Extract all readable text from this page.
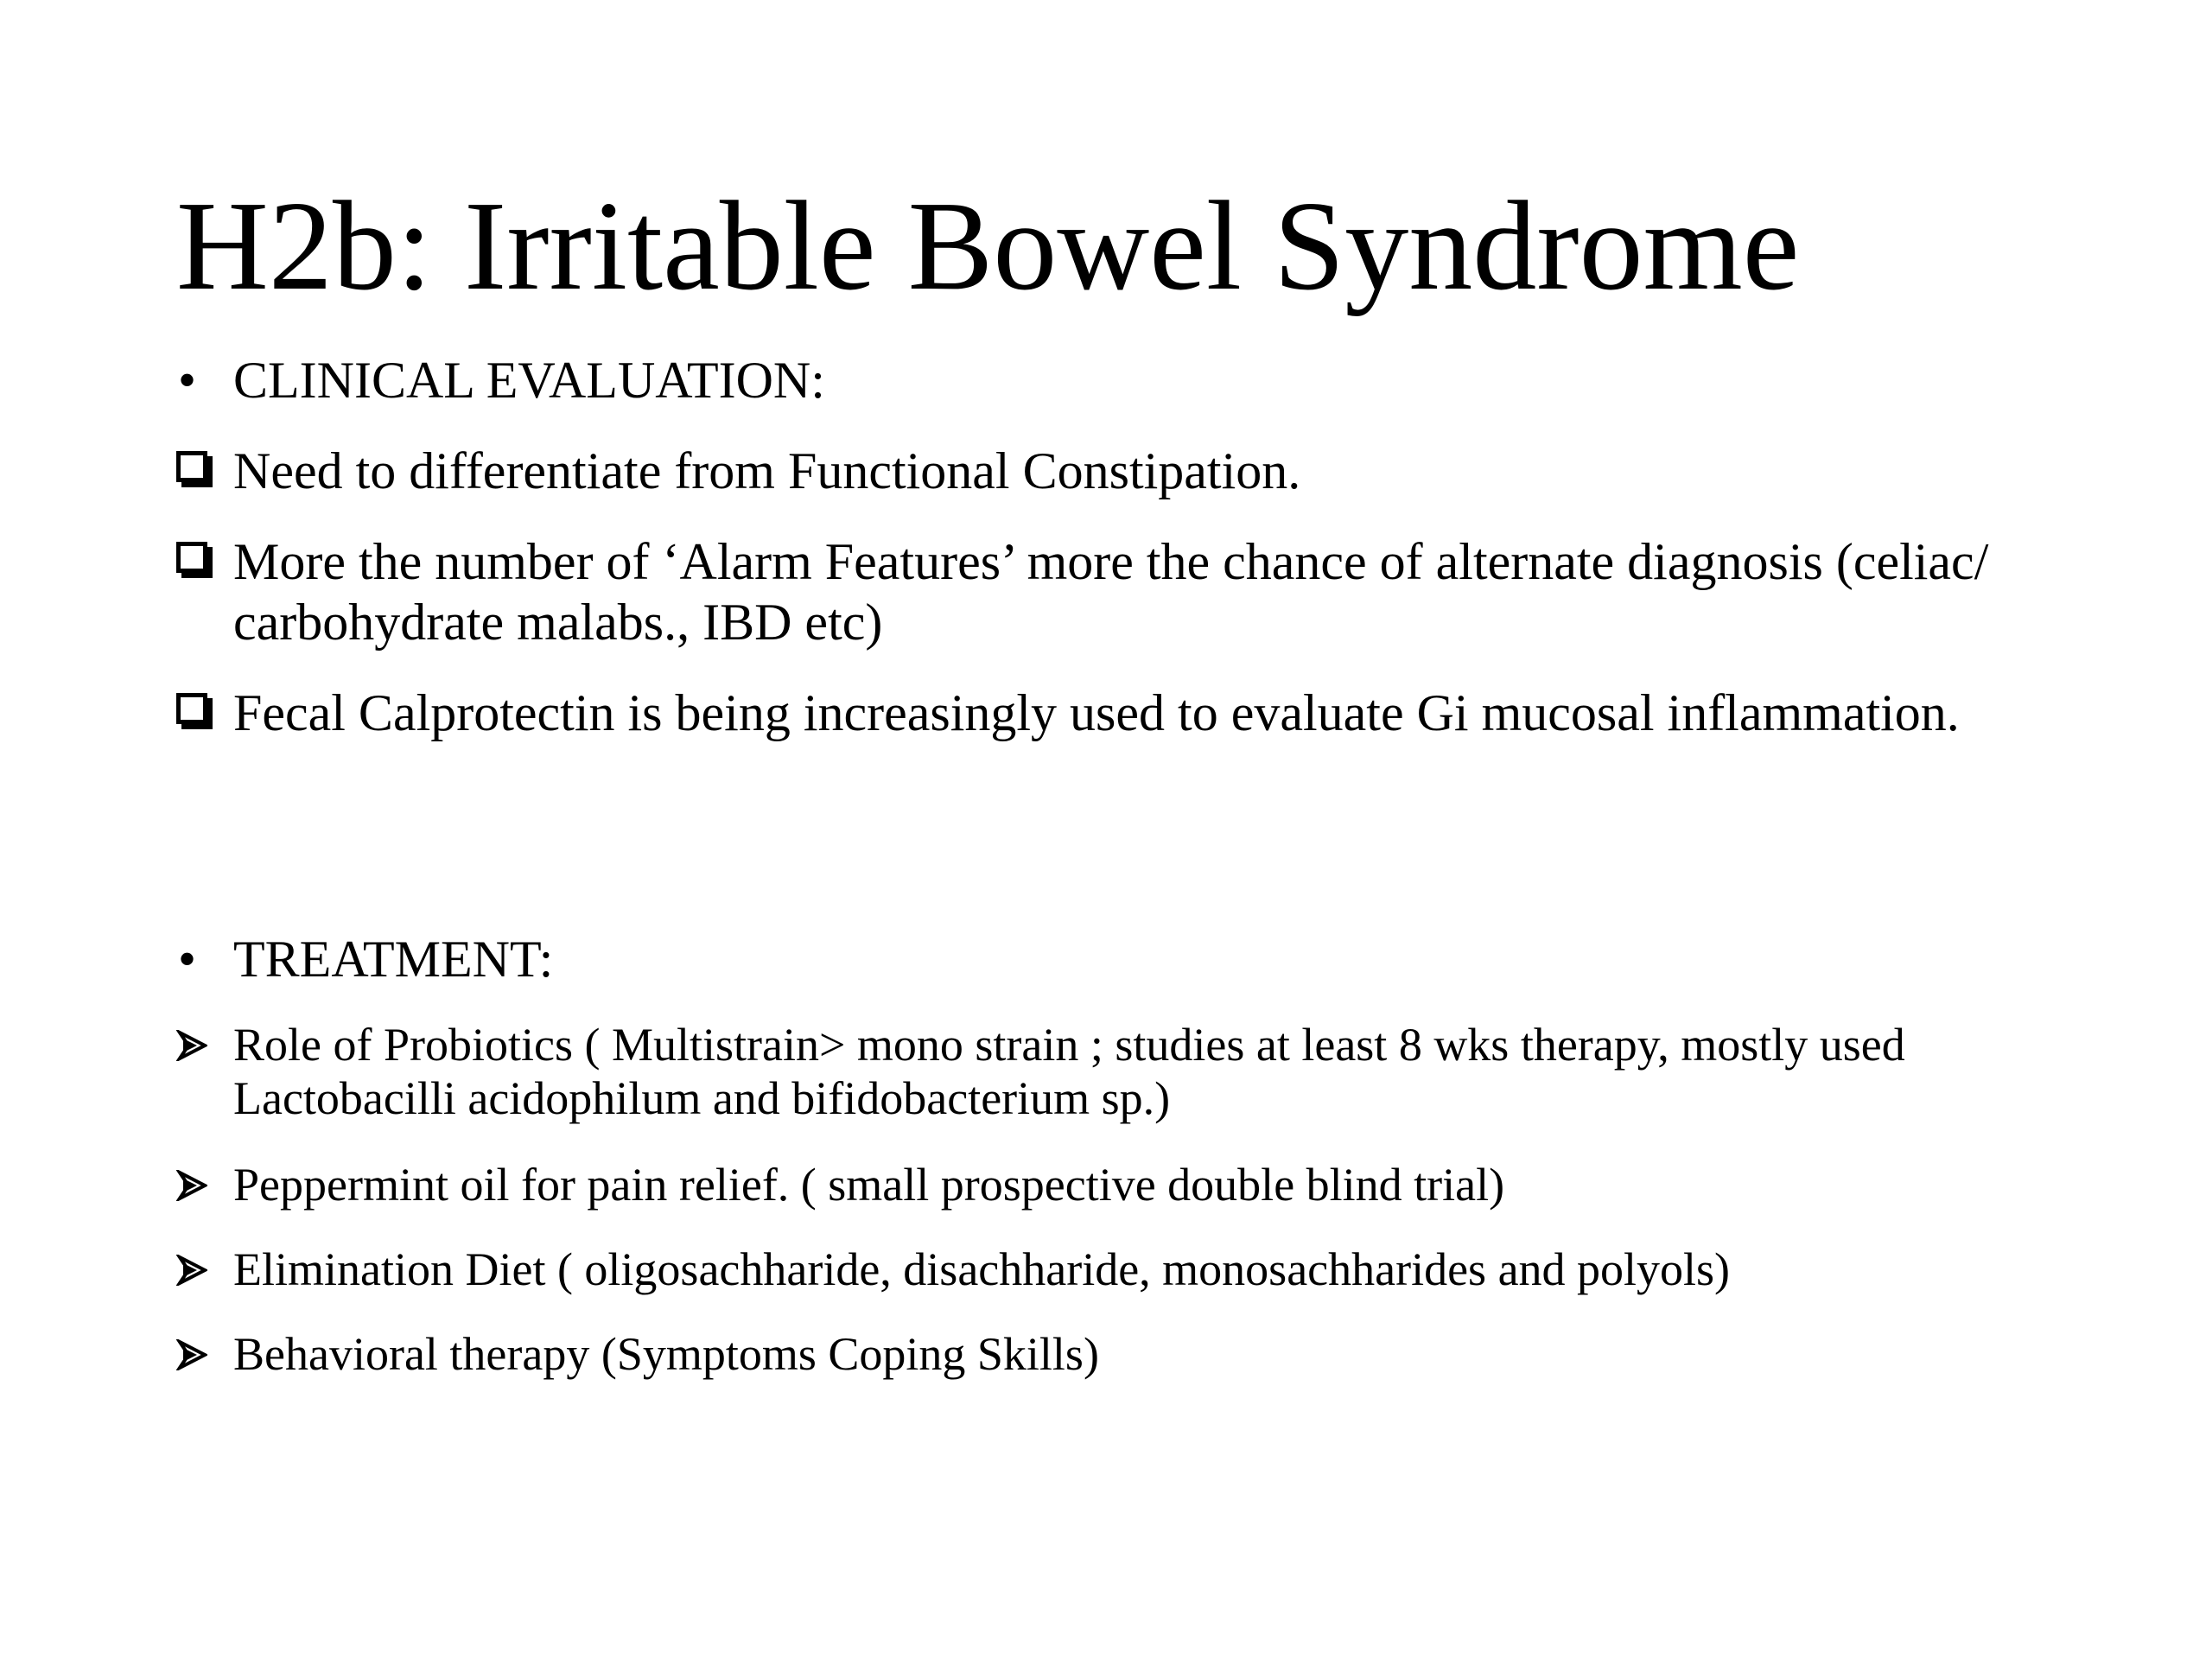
H2b: Irritable Bowel Syndrome
• CLINICAL EVALUATION:
Need to differentiate from Functional Constipation.
More the number of ‘Alarm Features’ more the chance of alternate diagnosis (celiac/ carbohydrate malabs., IBD etc)
Fecal Calprotectin is being increasingly used to evaluate Gi mucosal inflammation.
• TREATMENT:
Role of Probiotics ( Multistrain> mono strain ; studies at least 8 wks therapy, mostly used Lactobacilli acidophilum and bifidobacterium sp.)
Peppermint oil for pain relief. ( small prospective double blind trial)
Elimination Diet ( oligosachharide, disachharide, monosachharides and polyols)
Behavioral therapy (Symptoms Coping Skills)
